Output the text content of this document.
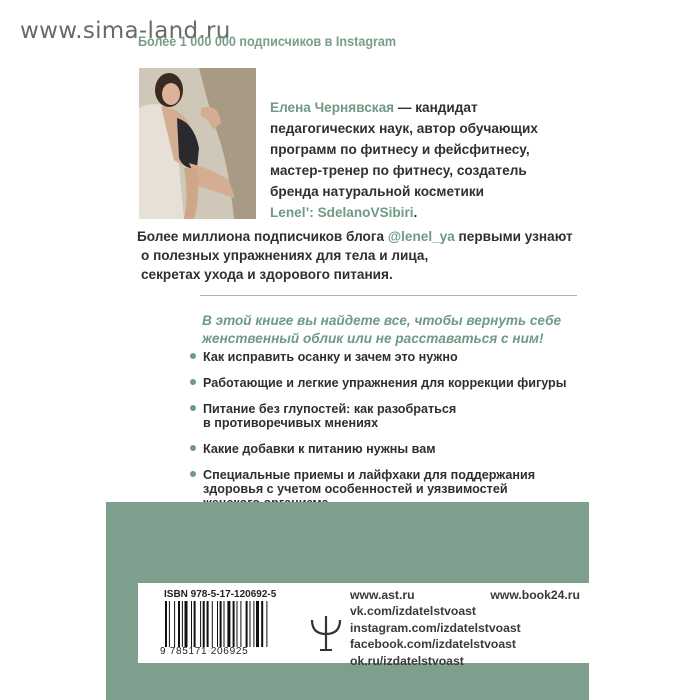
www.sima-land.ru
Более 1 000 000 подписчиков в Instagram
Елена Чернявская — кандидат
педагогических наук, автор обучающих
программ по фитнесу и фейсфитнесу,
мастер-тренер по фитнесу, создатель
бренда натуральной косметики
Lenel’: SdelanoVSibiri.
Более миллиона подписчиков блога @lenel_ya первыми узнают
о полезных упражнениях для тела и лица,
секретах ухода и здорового питания.
В этой книге вы найдете все, чтобы вернуть себе
женственный облик или не расставаться с ним!
Как исправить осанку и зачем это нужно
Работающие и легкие упражнения для коррекции фигуры
Питание без глупостей: как разобраться
в противоречивых мнениях
Какие добавки к питанию нужны вам
Специальные приемы и лайфхаки для поддержания
здоровья с учетом особенностей и уязвимостей
ISBN 978-5-17-120692-5
9 785171 206925
www.ast.ru	www.book24.ru
vk.com/izdatelstvoast
instagram.com/izdatelstvoast
facebook.com/izdatelstvoast
ok.ru/izdatelstvoast
